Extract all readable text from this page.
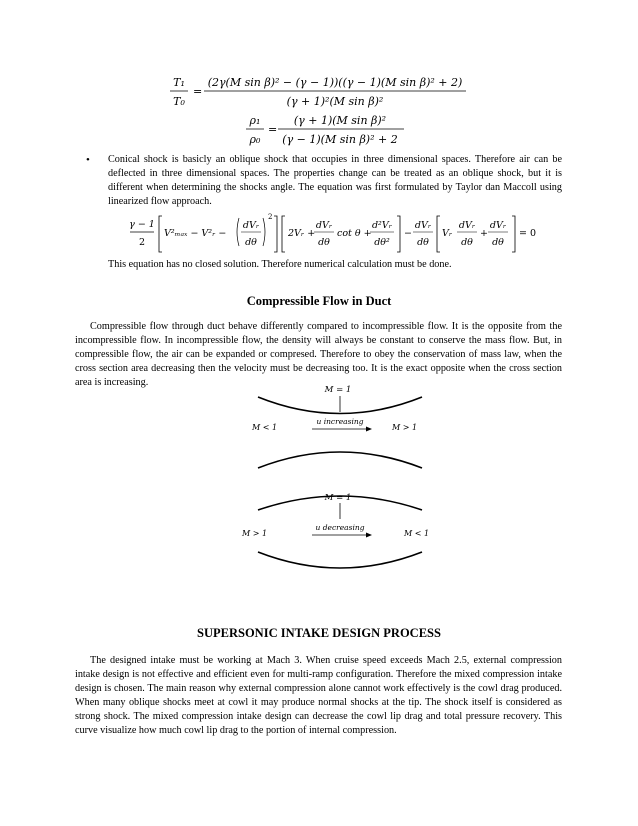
T₁
T₀
=
(2γ(M sin β)² − (γ − 1))((γ − 1)(M sin β)² + 2)
(γ + 1)²(M sin β)²
ρ₁
ρ₀
=
(γ + 1)(M sin β)²
(γ − 1)(M sin β)² + 2
• Conical shock is basicly an oblique shock that occupies in three dimensional spaces. Therefore air can be deflected in three dimensional spaces. The properties change can be treated as an oblique shock, but it is different when determining the shocks angle. The equation was first formulated by Taylor dan Maccoll using linearized flow approach.
γ − 1
2
V²ₘₐₓ − V²ᵣ −
dVᵣ
dθ
2
2Vᵣ +
dVᵣ
dθ
cot θ +
d²Vᵣ
dθ²
−
dVᵣ
dθ
Vᵣ
dVᵣ
dθ
+
dVᵣ
dθ
= 0
This equation has no closed solution. Therefore numerical calculation must be done.
Compressible Flow in Duct
Compressible flow through duct behave differently compared to incompressible flow. It is the opposite from the incompressible flow. In incompressible flow, the density will always be constant to conserve the mass flow. But, in compressible flow, the air can be expanded or compresed. Therefore to obey the conservation of mass law, when the cross section area decreasing then the velocity must be decreasing too. It is the exact opposite when the cross section area is increasing.
M = 1
u increasing
M < 1	M > 1
M = 1
u decreasing
M > 1	M < 1
SUPERSONIC INTAKE DESIGN PROCESS
The designed intake must be working at Mach 3. When cruise speed exceeds Mach 2.5, external compression intake design is not effective and efficient even for multi-ramp configuration. Therefore the mixed compression intake design is chosen. The main reason why external compression alone cannot work effectively is the cowl drag produced. When many oblique shocks meet at cowl it may produce normal shocks at the tip. The shock itself is considered as strong shock. The mixed compression intake design can decrease the cowl lip drag and total pressure recovery. This curve visualize how much cowl lip drag to the portion of internal compression.
